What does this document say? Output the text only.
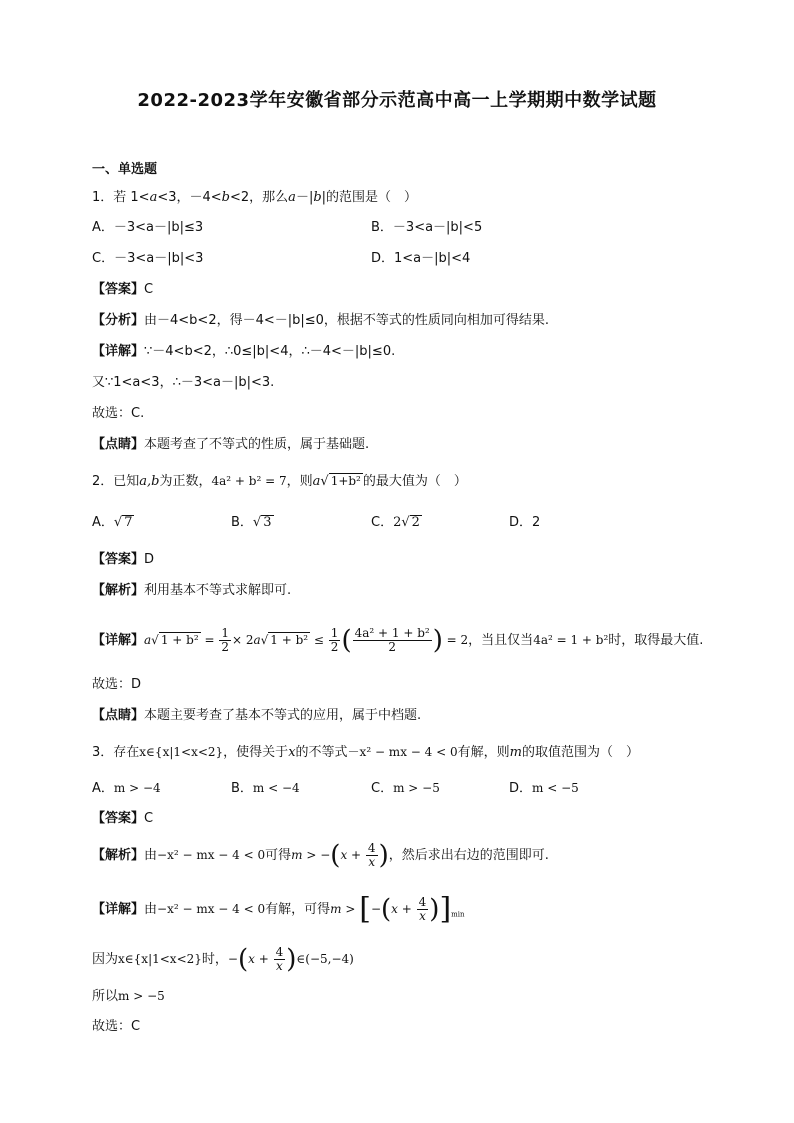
2022-2023学年安徽省部分示范高中高一上学期期中数学试题
一、单选题
1．若 1<a<3，－4<b<2，那么a－|b|的范围是（　）
A．－3<a－|b|≤3	B．－3<a－|b|<5
C．－3<a－|b|<3	D．1<a－|b|<4
【答案】C
【分析】由－4<b<2，得－4<－|b|≤0，根据不等式的性质同向相加可得结果.
【详解】∵－4<b<2，∴0≤|b|<4，∴－4<－|b|≤0.
又∵1<a<3，∴－3<a－|b|<3.
故选：C.
【点睛】本题考查了不等式的性质，属于基础题.
2．已知a,b为正数，4a² + b² = 7，则a√ 1+b² 的最大值为（　）
A．√ 7	B．√ 3	C．2√ 2	D．2
【答案】D
【解析】利用基本不等式求解即可.
【详解】a√ $1 + b^2 = \frac{1}{2} \times 2a√$ $1 + b^2 \le \frac{1}{2}$ ( $\frac{\text{4a² + 1 + b²}}{2}$ ) = 2，当且仅当4a² = 1 + b²时，取得最大值.
故选：D
【点睛】本题主要考查了基本不等式的应用，属于中档题.
3．存在x∈{x|1<x<2}，使得关于x的不等式－x² − mx − 4 < 0有解，则m的取值范围为（　）
A．m > −4	B．m < −4	C．m > −5	D．m < −5
【答案】C
【解析】由−x² − mx − 4 < 0可得$m > -(x + \frac{4}{x}$ )，然后求出右边的范围即可.
【详解】由−x² − mx − 4 < 0有解，可得$m > [-(x + \frac{4}{x} )]_{min}$
因为x∈{x|1<x<2}时，$-(x + \frac{4}{x}$ )∈(−5,−4)
所以m > −5
故选：C
